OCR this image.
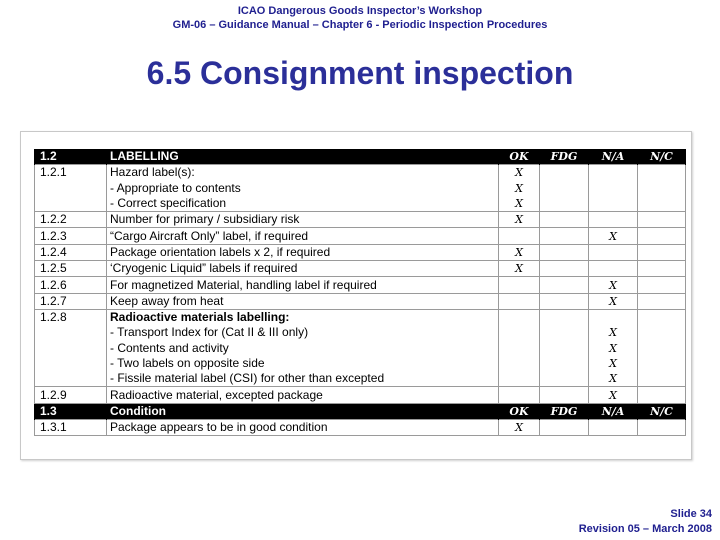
ICAO Dangerous Goods Inspector’s Workshop
GM-06 – Guidance Manual – Chapter 6 - Periodic Inspection Procedures
6.5 Consignment inspection
1.2	LABELLING	OK	FDG	N/A	N/C
1.2.1	Hazard label(s):	X			
	- Appropriate to contents	X			
	- Correct specification	X			
1.2.2	Number for primary / subsidiary risk	X			
1.2.3	“Cargo Aircraft Only” label, if required			X	
1.2.4	Package orientation labels x 2, if required	X			
1.2.5	‘Cryogenic Liquid” labels if required	X			
1.2.6	For magnetized Material, handling label if required			X	
1.2.7	Keep away from heat			X	
1.2.8	Radioactive materials labelling:				
	- Transport Index for (Cat II & III only)			X	
	- Contents and activity			X	
	- Two labels on opposite side			X	
	- Fissile material label (CSI) for other than excepted			X	
1.2.9	Radioactive material, excepted package			X	
1.3	Condition	OK	FDG	N/A	N/C
1.3.1	Package appears to be in good condition	X			
Slide 34
Revision 05 – March 2008
